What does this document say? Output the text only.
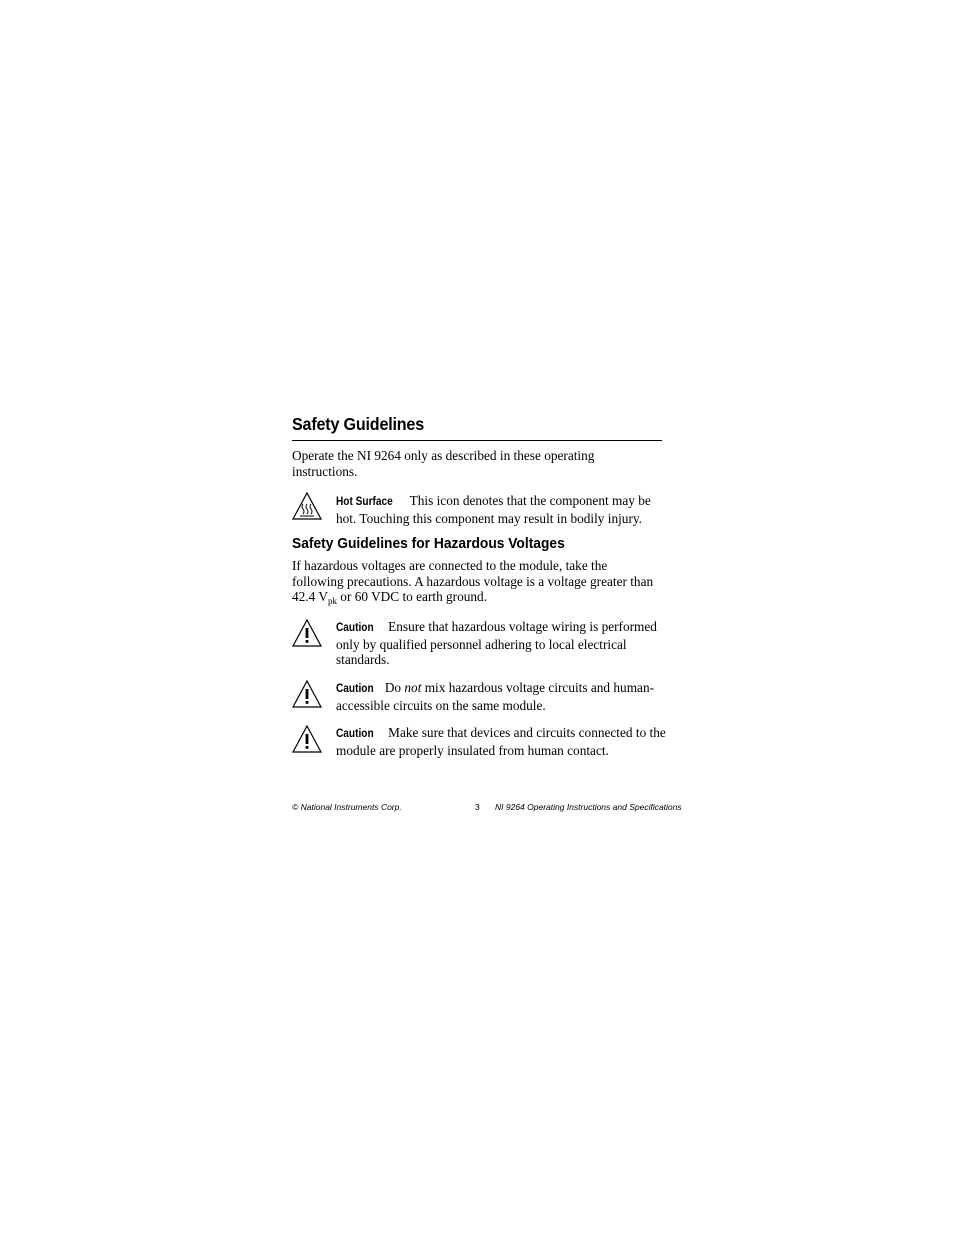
Safety Guidelines
Operate the NI 9264 only as described in these operating instructions.
Hot Surface This icon denotes that the component may be hot. Touching this component may result in bodily injury.
Safety Guidelines for Hazardous Voltages
If hazardous voltages are connected to the module, take the following precautions. A hazardous voltage is a voltage greater than 42.4 $V_{pk}$ or 60 VDC to earth ground.
Caution Ensure that hazardous voltage wiring is performed only by qualified personnel adhering to local electrical standards.
Caution Do not mix hazardous voltage circuits and human-accessible circuits on the same module.
Caution Make sure that devices and circuits connected to the module are properly insulated from human contact.
© National Instruments Corp.	3 NI 9264 Operating Instructions and Specifications
